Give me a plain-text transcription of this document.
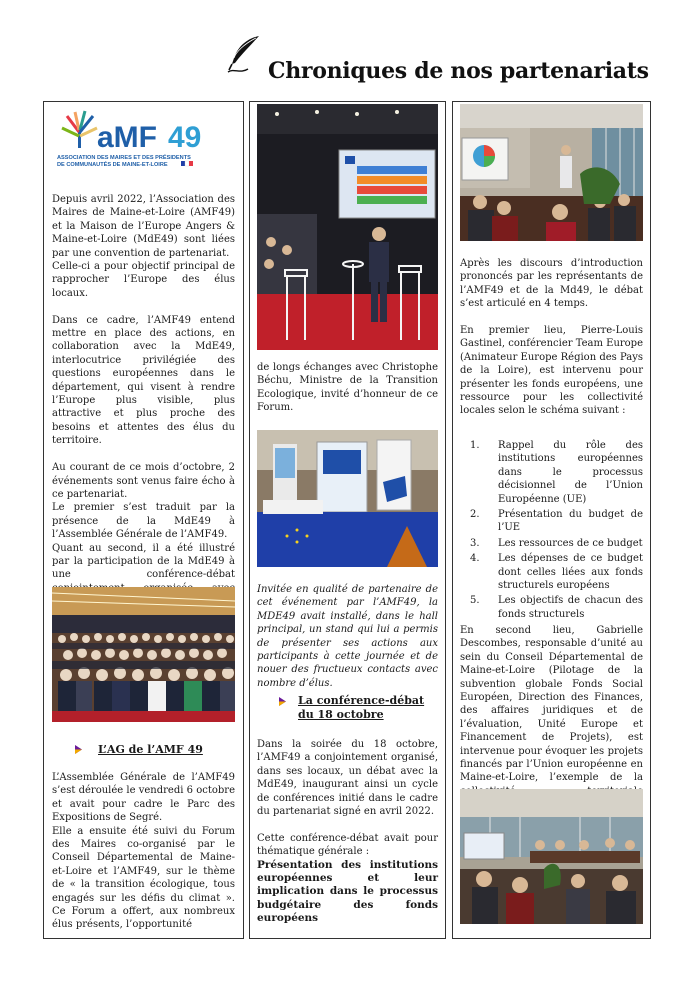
Chroniques de nos partenariats
aMF 49
ASSOCIATION DES MAIRES ET DES PRÉSIDENTS
DE COMMUNAUTÉS DE MAINE-ET-LOIRE

Depuis avril 2022, l’Association des Maires de Maine-et-Loire (AMF49) et la Maison de l’Europe Angers & Maine-et-Loire (MdE49) sont liées par une convention de partenariat.

Celle-ci a pour objectif principal de rapprocher l’Europe des élus locaux.

Dans ce cadre, l’AMF49 entend mettre en place des actions, en collaboration avec la MdE49, interlocutrice privilégiée des questions européennes dans le département, qui visent à rendre l’Europe plus visible, plus attractive et plus proche des besoins et attentes des élus du territoire.

Au courant de ce mois d’octobre, 2 événements sont venus faire écho à ce partenariat.

Le premier s’est traduit par la présence de la MdE49 à l’Assemblée Générale de l’AMF49.

Quant au second, il a été illustré par la participation de la MdE49 à une conférence-débat

L’AG de l’AMF 49

L’Assemblée Générale de l’AMF49 s’est déroulée le vendredi 6 octobre et avait pour cadre le Parc des Expositions de Segré.

Elle a ensuite été suivi du Forum des Maires co-organisé par le Conseil Départemental de Maine-et-Loire et l’AMF49, sur le thème de « la transition écologique, tous engagés sur les défis du climat ». Ce Forum a offert, aux nombreux élus présents, l’opportunité

de longs échanges avec Christophe Béchu, Ministre de la Transition Ecologique, invité d’honneur de ce Forum.

Invitée en qualité de partenaire de cet événement par l’AMF49, la MDE49 avait installé, dans le hall principal, un stand qui lui a permis de présenter ses actions aux participants à cette journée et de nouer des fructueux contacts avec nombre d’élus.

La conférence-débat du 18 octobre

Dans la soirée du 18 octobre, l’AMF49 a conjointement organisé, dans ses locaux, un débat avec la MdE49, inaugurant ainsi un cycle de conférences initié dans le cadre du partenariat signé en avril 2022.

Cette conférence-débat avait pour thématique générale :

Présentation des institutions européennes et leur implication dans le processus budgétaire des fonds européens

Après les discours d’introduction prononcés par les représentants de l’AMF49 et de la Md49, le débat s’est articulé en 4 temps.

En premier lieu, Pierre-Louis Gastinel, conférencier Team Europe (Animateur Europe Région des Pays de la Loire), est intervenu pour présenter les fonds européens, une ressource pour les collectivité locales selon le schéma suivant :

1.	Rappel du rôle des institutions européennes dans le processus décisionnel de l’Union Européenne (UE)
2.	Présentation du budget de l’UE
3.	Les ressources de ce budget
4.	Les dépenses de ce budget dont celles liées aux fonds structurels européens
5.	Les objectifs de chacun des fonds structurels

En second lieu, Gabrielle Descombes, responsable d’unité au sein du Conseil Départemental de Maine-et-Loire (Pilotage de la subvention globale Fonds Social Européen, Direction des Finances, des affaires juridiques et de l’évaluation, Unité Europe et Financement de Projets), est intervenue pour évoquer les projets financés par l’Union européenne en Maine-et-Loire, l’exemple de la
